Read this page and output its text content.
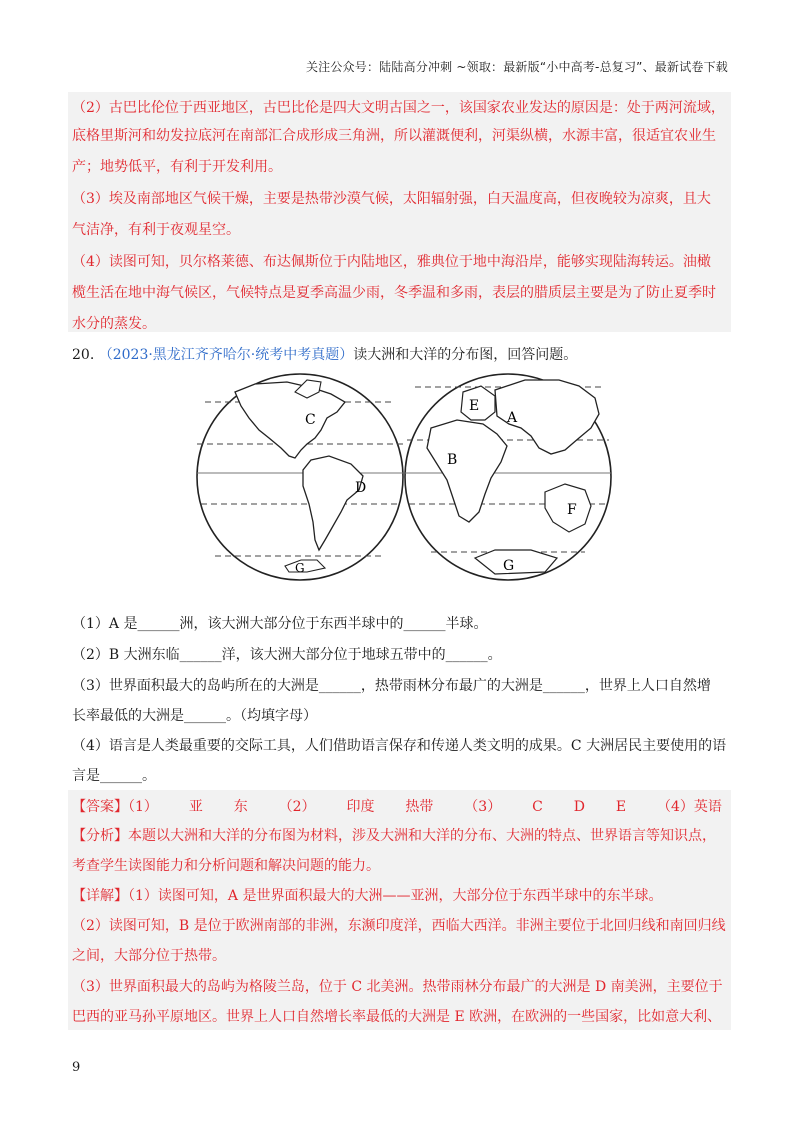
关注公众号：陆陆高分冲刺 ~领取：最新版“小中高考-总复习”、最新试卷下载
（2）古巴比伦位于西亚地区，古巴比伦是四大文明古国之一，该国家农业发达的原因是：处于两河流域，
底格里斯河和幼发拉底河在南部汇合成形成三角洲，所以灌溉便利，河渠纵横，水源丰富，很适宜农业生
产；地势低平，有利于开发利用。
（3）埃及南部地区气候干燥，主要是热带沙漠气候，太阳辐射强，白天温度高，但夜晚较为凉爽，且大
气洁净，有利于夜观星空。
（4）读图可知，贝尔格莱德、布达佩斯位于内陆地区，雅典位于地中海沿岸，能够实现陆海转运。油橄
榄生活在地中海气候区，气候特点是夏季高温少雨，冬季温和多雨，表层的腊质层主要是为了防止夏季时
水分的蒸发。
20. （2023·黑龙江齐齐哈尔·统考中考真题）读大洲和大洋的分布图，回答问题。
C
D
G
E
A
B
F
G
（1）A 是______洲，该大洲大部分位于东西半球中的______半球。
（2）B 大洲东临______洋，该大洲大部分位于地球五带中的______。
（3）世界面积最大的岛屿所在的大洲是______，热带雨林分布最广的大洲是______，世界上人口自然增
长率最低的大洲是______。（均填字母）
（4）语言是人类最重要的交际工具，人们借助语言保存和传递人类文明的成果。C 大洲居民主要使用的语
言是______。
【答案】（1） 亚 东 （2） 印度 热带 （3） C D E （4）英语
【分析】本题以大洲和大洋的分布图为材料，涉及大洲和大洋的分布、大洲的特点、世界语言等知识点，
考查学生读图能力和分析问题和解决问题的能力。
【详解】（1）读图可知，A 是世界面积最大的大洲——亚洲，大部分位于东西半球中的东半球。
（2）读图可知，B 是位于欧洲南部的非洲，东濒印度洋，西临大西洋。非洲主要位于北回归线和南回归线
之间，大部分位于热带。
（3）世界面积最大的岛屿为格陵兰岛，位于 C 北美洲。热带雨林分布最广的大洲是 D 南美洲，主要位于
巴西的亚马孙平原地区。世界上人口自然增长率最低的大洲是 E 欧洲，在欧洲的一些国家，比如意大利、
9
